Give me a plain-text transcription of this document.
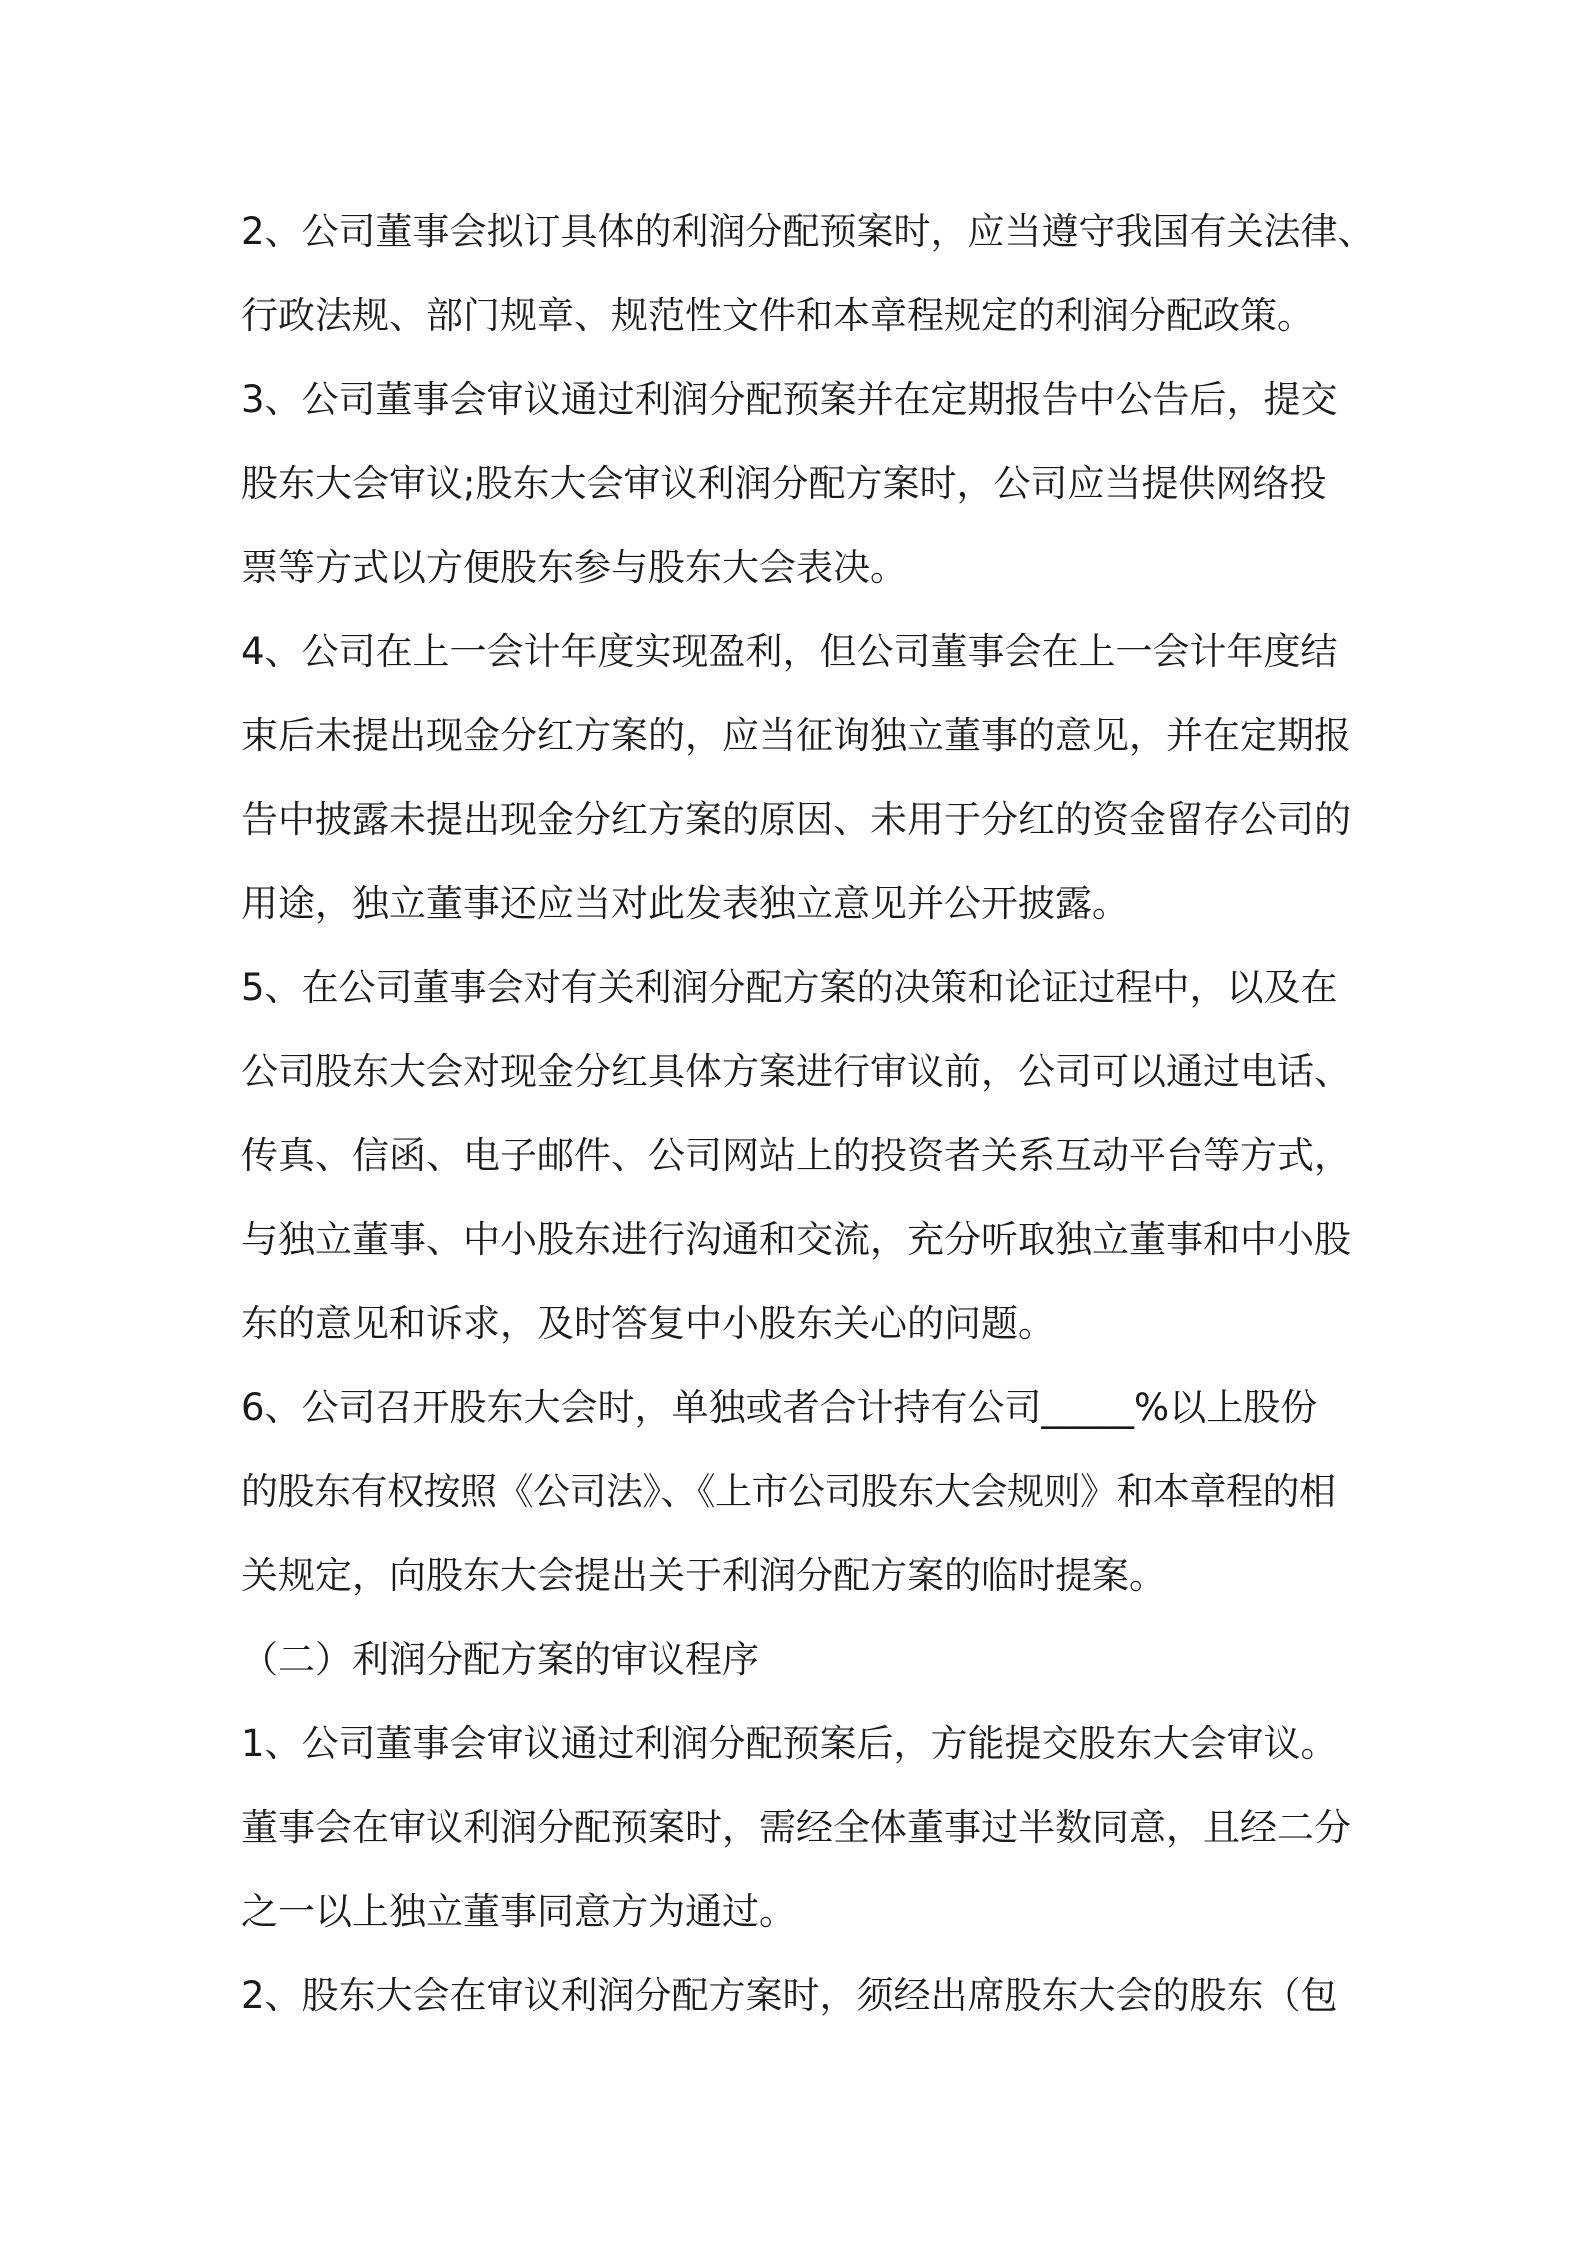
2、公司董事会拟订具体的利润分配预案时，应当遵守我国有关法律、
行政法规、部门规章、规范性文件和本章程规定的利润分配政策。
3、公司董事会审议通过利润分配预案并在定期报告中公告后，提交
股东大会审议;股东大会审议利润分配方案时，公司应当提供网络投
票等方式以方便股东参与股东大会表决。
4、公司在上一会计年度实现盈利，但公司董事会在上一会计年度结
束后未提出现金分红方案的，应当征询独立董事的意见，并在定期报
告中披露未提出现金分红方案的原因、未用于分红的资金留存公司的
用途，独立董事还应当对此发表独立意见并公开披露。
5、在公司董事会对有关利润分配方案的决策和论证过程中，以及在
公司股东大会对现金分红具体方案进行审议前，公司可以通过电话、
传真、信函、电子邮件、公司网站上的投资者关系互动平台等方式，
与独立董事、中小股东进行沟通和交流，充分听取独立董事和中小股
东的意见和诉求，及时答复中小股东关心的问题。
6、公司召开股东大会时，单独或者合计持有公司_____%以上股份
的股东有权按照《公司法》、《上市公司股东大会规则》和本章程的相
关规定，向股东大会提出关于利润分配方案的临时提案。
（二）利润分配方案的审议程序
1、公司董事会审议通过利润分配预案后，方能提交股东大会审议。
董事会在审议利润分配预案时，需经全体董事过半数同意，且经二分
之一以上独立董事同意方为通过。
2、股东大会在审议利润分配方案时，须经出席股东大会的股东（包
